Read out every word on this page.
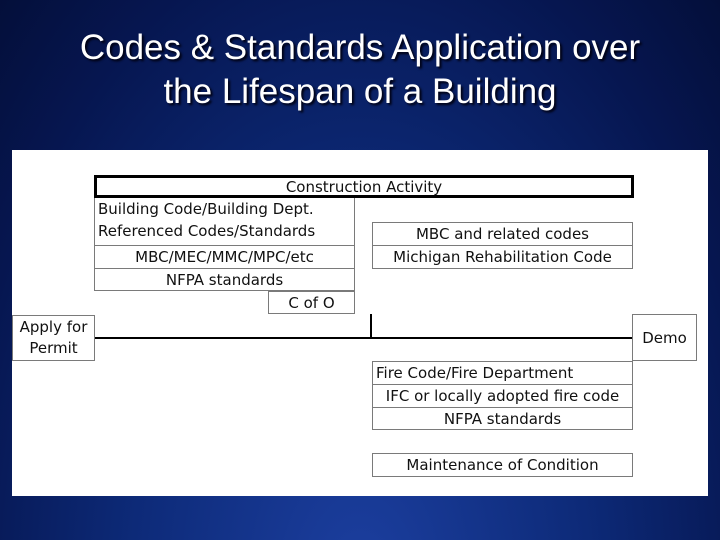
Codes & Standards Application over
the Lifespan of a Building
Construction Activity
Building Code/Building Dept.
Referenced Codes/Standards
MBC/MEC/MMC/MPC/etc
NFPA standards
C of O
MBC and related codes
Michigan Rehabilitation Code
Apply for
Permit
Demo
Fire Code/Fire Department
IFC or locally adopted fire code
NFPA standards
Maintenance of Condition
